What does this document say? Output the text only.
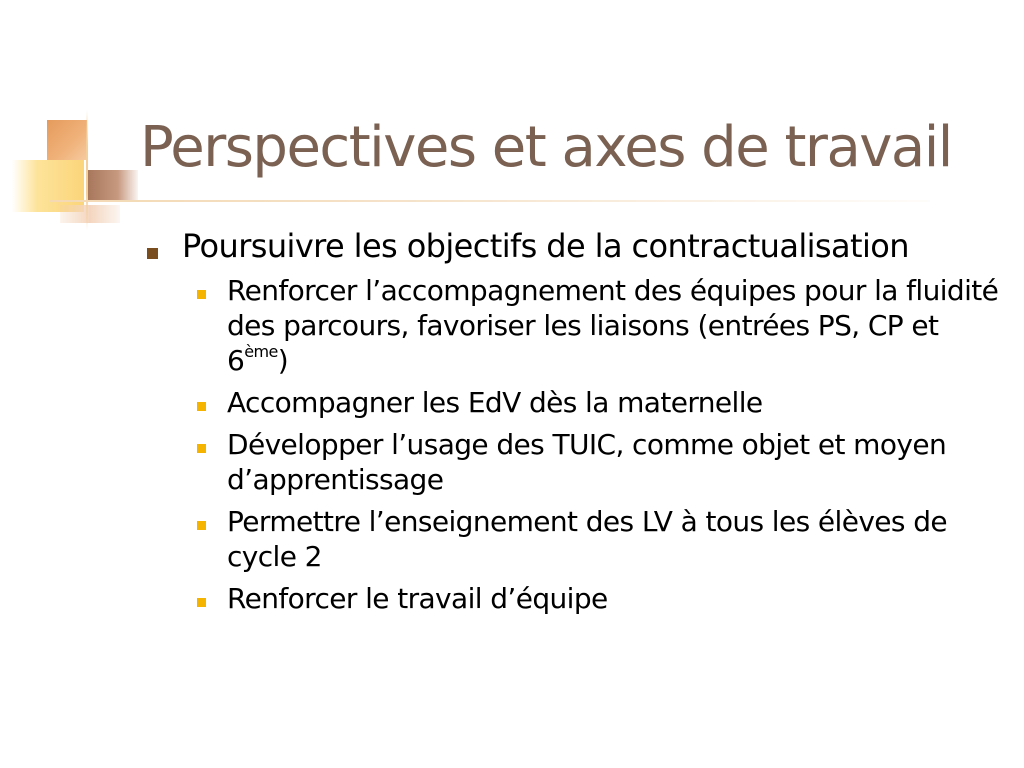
Perspectives et axes de travail
Poursuivre les objectifs de la contractualisation
Renforcer l’accompagnement des équipes pour la fluidité des parcours, favoriser les liaisons (entrées PS, CP et 6ème)
Accompagner les EdV dès la maternelle
Développer l’usage des TUIC, comme objet et moyen d’apprentissage
Permettre l’enseignement des LV à tous les élèves de cycle 2
Renforcer le travail d’équipe
